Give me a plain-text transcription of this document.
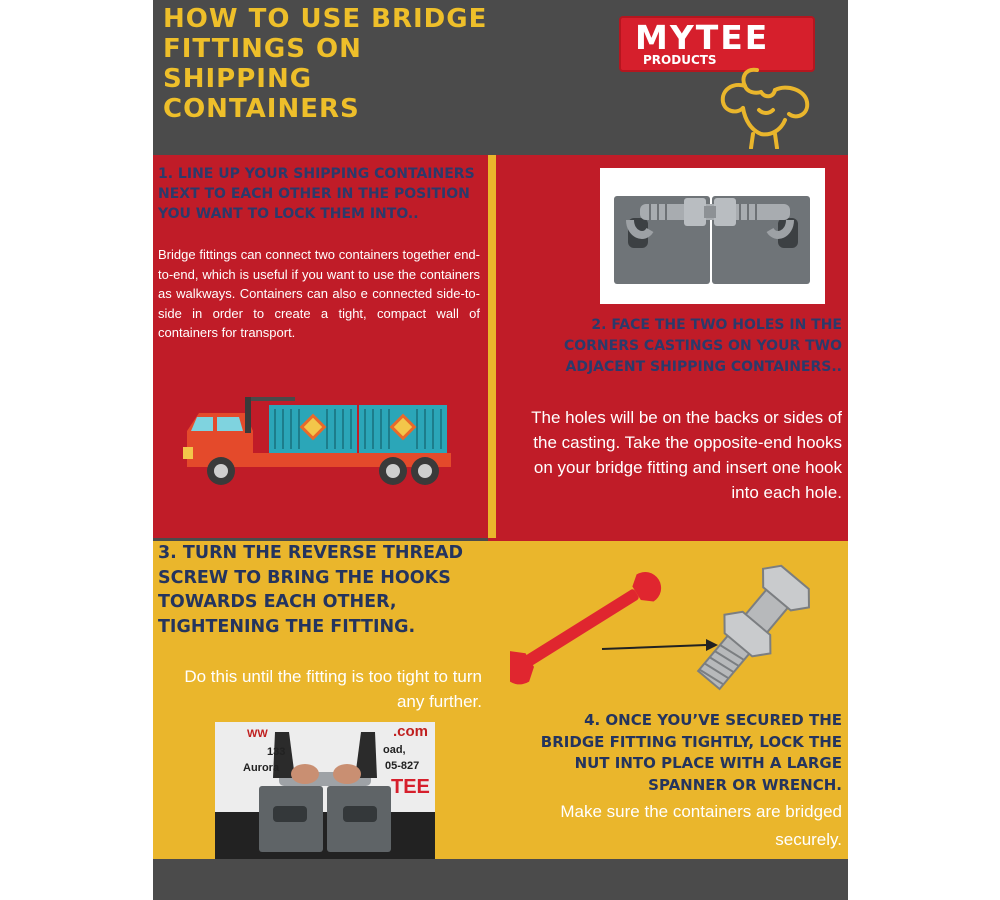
HOW TO USE BRIDGE FITTINGS ON SHIPPING CONTAINERS
MYTEE
PRODUCTS

1. LINE UP YOUR SHIPPING CONTAINERS NEXT TO EACH OTHER IN THE POSITION YOU WANT TO LOCK THEM INTO..

Bridge fittings can connect two containers together end-to-end, which is useful if you want to use the containers as walkways. Containers can also e connected side-to-side in order to create a tight, compact wall of containers for transport.	2. FACE THE TWO HOLES IN THE CORNERS CASTINGS ON YOUR TWO ADJACENT SHIPPING CONTAINERS..

The holes will be on the backs or sides of the casting. Take the opposite-end hooks on your bridge fitting and insert one hook into each hole.

3. TURN THE REVERSE THREAD SCREW TO BRING THE HOOKS TOWARDS EACH OTHER, TIGHTENING THE FITTING.

Do this until the fitting is too tight to turn any further.

WW	.com
133	oad,
Aurora	05-827
TEE

4. ONCE YOU’VE SECURED THE BRIDGE FITTING TIGHTLY, LOCK THE NUT INTO PLACE WITH A LARGE SPANNER OR WRENCH.

Make sure the containers are bridged securely.
